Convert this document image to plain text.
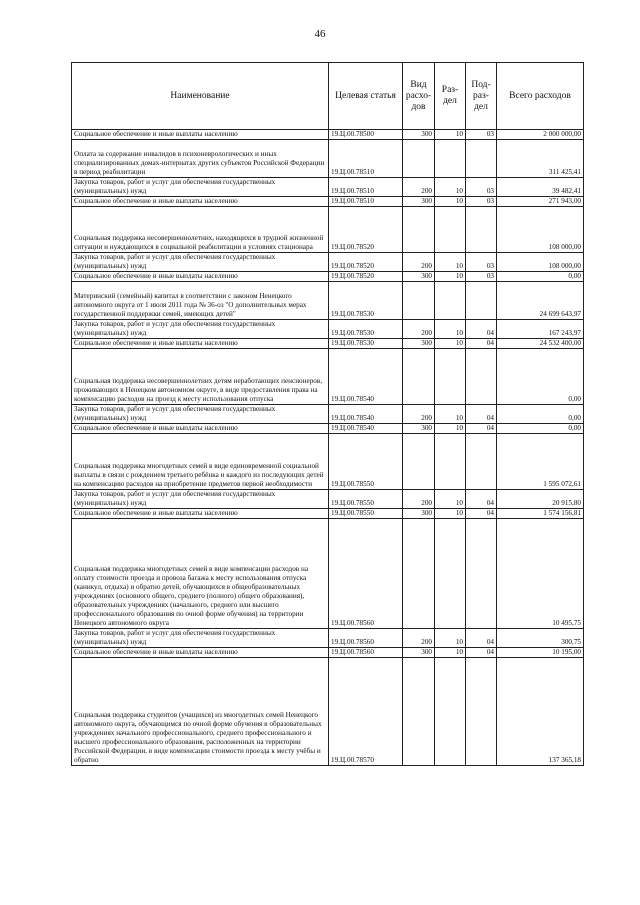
46
Наименование	Целевая статья	Вид расхо-дов	Раз-дел	Под-раз-дел	Всего расходов
Социальное обеспечение и иные выплаты населению	19.Ц.00.78500	300	10	03	2 000 000,00
Оплата за содержание инвалидов в психоневрологических и иных специализированных домах-интернатах других субъектов Российской Федерации в период реабилитации	19.Ц.00.78510				311 425,41
Закупка товаров, работ и услуг для обеспечения государственных (муниципальных) нужд	19.Ц.00.78510	200	10	03	39 482,41
Социальное обеспечение и иные выплаты населению	19.Ц.00.78510	300	10	03	271 943,00
Социальная поддержка несовершеннолетних, находящихся в трудной жизненной ситуации и нуждающихся в социальной реабилитации в условиях стационара	19.Ц.00.78520				108 000,00
Закупка товаров, работ и услуг для обеспечения государственных (муниципальных) нужд	19.Ц.00.78520	200	10	03	108 000,00
Социальное обеспечение и иные выплаты населению	19.Ц.00.78520	300	10	03	0,00
Материнский (семейный) капитал в соответствии с законом Ненецкого автономного округа от 1 июля 2011 года № 36-оз "О дополнительных мерах государственной поддержки семей, имеющих детей"	19.Ц.00.78530				24 699 643,97
Закупка товаров, работ и услуг для обеспечения государственных (муниципальных) нужд	19.Ц.00.78530	200	10	04	167 243,97
Социальное обеспечение и иные выплаты населению	19.Ц.00.78530	300	10	04	24 532 400,00
Социальная поддержка несовершеннолетних детям неработающих пенсионеров, проживающих в Ненецком автономном округе, в виде предоставления права на компенсацию расходов на проезд к месту использования отпуска	19.Ц.00.78540				0,00
Закупка товаров, работ и услуг для обеспечения государственных (муниципальных) нужд	19.Ц.00.78540	200	10	04	0,00
Социальное обеспечение и иные выплаты населению	19.Ц.00.78540	300	10	04	0,00
Социальная поддержка многодетных семей в виде единовременной социальной выплаты в связи с рождением третьего ребёнка и каждого из последующих детей на компенсацию расходов на приобретение предметов первой необходимости	19.Ц.00.78550				1 595 072,61
Закупка товаров, работ и услуг для обеспечения государственных (муниципальных) нужд	19.Ц.00.78550	200	10	04	20 915,80
Социальное обеспечение и иные выплаты населению	19.Ц.00.78550	300	10	04	1 574 156,81
Социальная поддержка многодетных семей в виде компенсации расходов на оплату стоимости проезда и провоза багажа к месту использования отпуска (каникул, отдыха) и обратно детей, обучающихся в общеобразовательных учреждениях (основного общего, среднего (полного) общего образования), образовательных учреждениях (начального, среднего или высшего профессионального образования по очной форме обучения) на территории Ненецкого автономного округа	19.Ц.00.78560				10 495,75
Закупка товаров, работ и услуг для обеспечения государственных (муниципальных) нужд	19.Ц.00.78560	200	10	04	300,75
Социальное обеспечение и иные выплаты населению	19.Ц.00.78560	300	10	04	10 195,00
Социальная поддержка студентов (учащихся) из многодетных семей Ненецкого автономного округа, обучающимся по очной форме обучения в образовательных учреждениях начального профессионального, среднего профессионального и высшего профессионального образования, расположенных на территории Российской Федерации, в виде компенсации стоимости проезда к месту учёбы и обратно	19.Ц.00.78570				137 365,18
